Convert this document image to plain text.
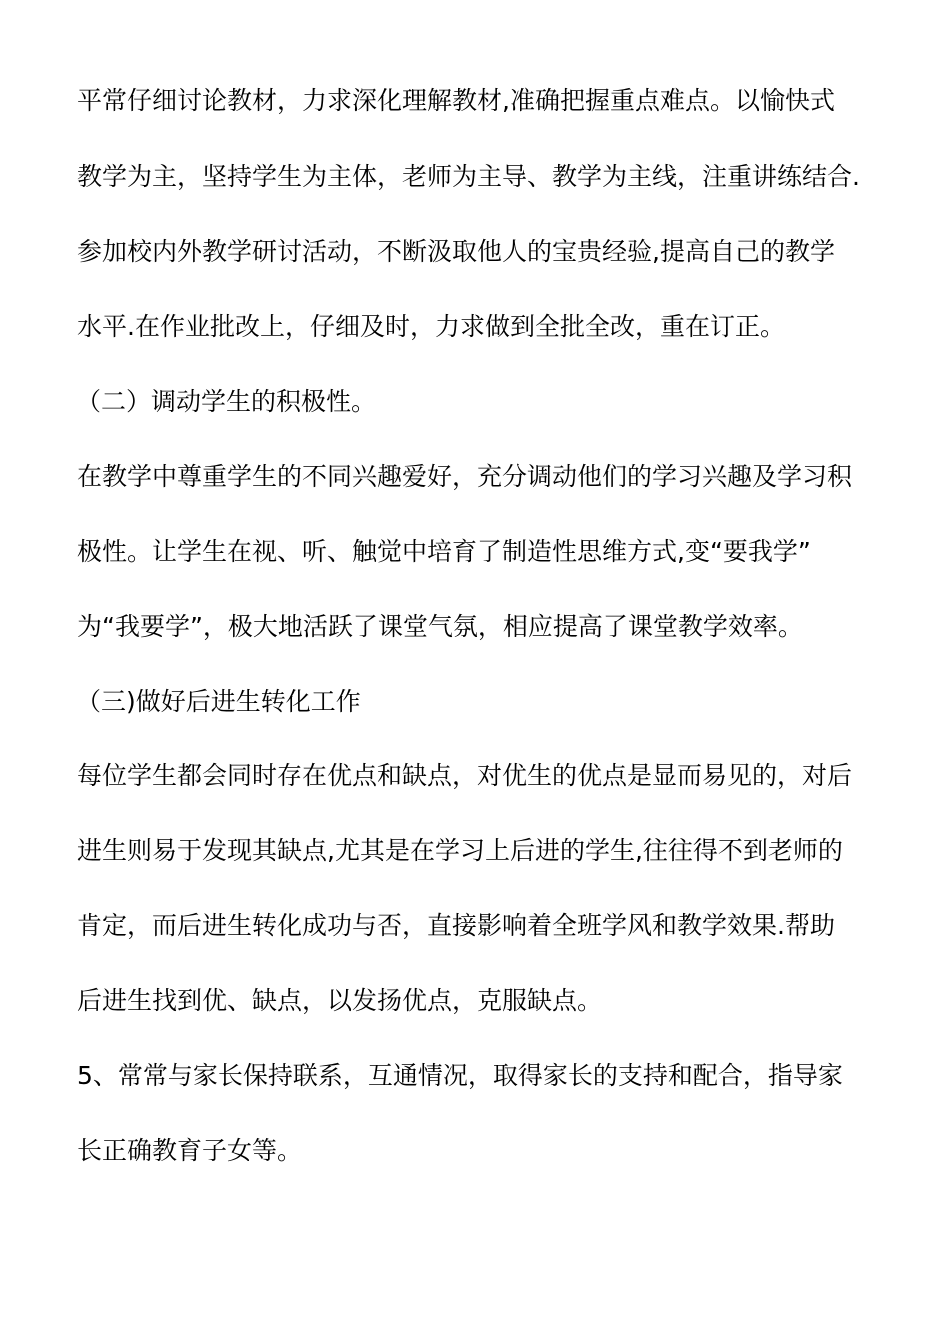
平常仔细讨论教材，力求深化理解教材,准确把握重点难点。以愉快式
教学为主，坚持学生为主体，老师为主导、教学为主线，注重讲练结合.
参加校内外教学研讨活动，不断汲取他人的宝贵经验,提高自己的教学
水平.在作业批改上，仔细及时，力求做到全批全改，重在订正。
（二）调动学生的积极性。
在教学中尊重学生的不同兴趣爱好，充分调动他们的学习兴趣及学习积
极性。让学生在视、听、触觉中培育了制造性思维方式,变“要我学”
为“我要学”，极大地活跃了课堂气氛，相应提高了课堂教学效率。
（三)做好后进生转化工作
每位学生都会同时存在优点和缺点，对优生的优点是显而易见的，对后
进生则易于发现其缺点,尤其是在学习上后进的学生,往往得不到老师的
肯定，而后进生转化成功与否，直接影响着全班学风和教学效果.帮助
后进生找到优、缺点，以发扬优点，克服缺点。
5、常常与家长保持联系，互通情况，取得家长的支持和配合，指导家
长正确教育子女等。
